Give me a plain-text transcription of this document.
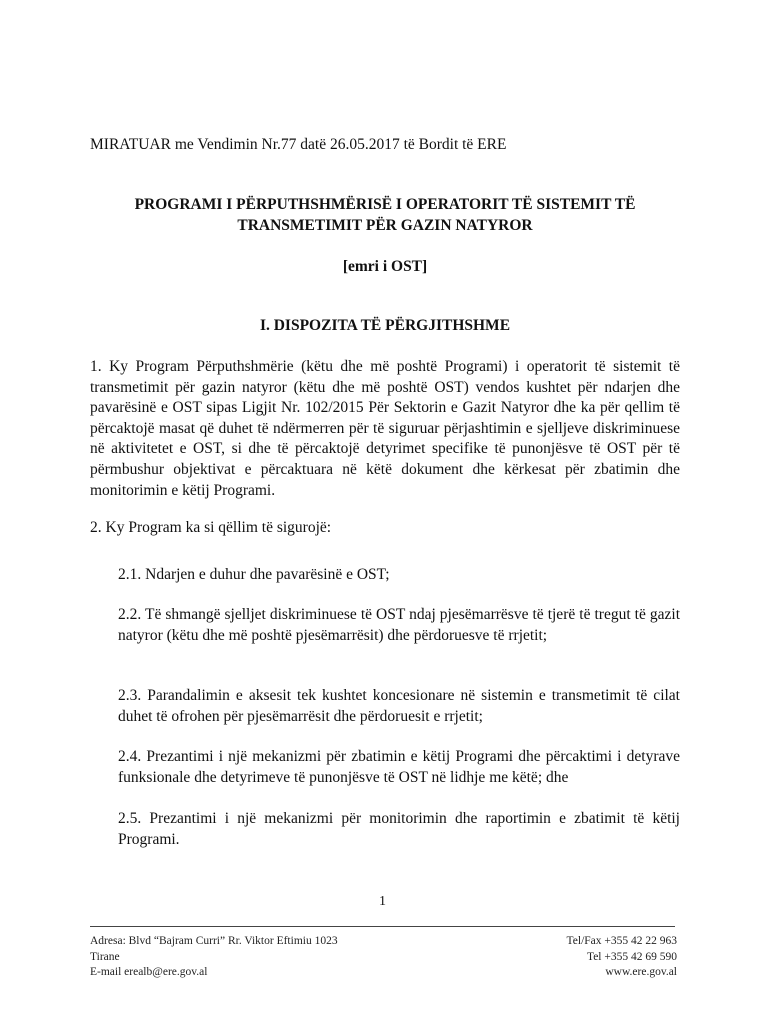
MIRATUAR me Vendimin Nr.77 datë 26.05.2017 të Bordit të ERE
PROGRAMI I PËRPUTHSHMËRISË I OPERATORIT TË SISTEMIT TË TRANSMETIMIT PËR GAZIN NATYROR
[emri i OST]
I. DISPOZITA TË PËRGJITHSHME
1. Ky Program Përputhshmërie (këtu dhe më poshtë Programi) i operatorit të sistemit të transmetimit për gazin natyror (këtu dhe më poshtë OST) vendos kushtet për ndarjen dhe pavarësinë e OST sipas Ligjit Nr. 102/2015 Për Sektorin e Gazit Natyror dhe ka për qellim të përcaktojë masat që duhet të ndërmerren për të siguruar përjashtimin e sjelljeve diskriminuese në aktivitetet e OST, si dhe të përcaktojë detyrimet specifike të punonjësve të OST për të përmbushur objektivat e përcaktuara në këtë dokument dhe kërkesat për zbatimin dhe monitorimin e këtij Programi.
2. Ky Program ka si qëllim të sigurojë:
2.1. Ndarjen e duhur dhe pavarësinë e OST;
2.2. Të shmangë sjelljet diskriminuese të OST ndaj pjesëmarrësve të tjerë të tregut të gazit natyror (këtu dhe më poshtë pjesëmarrësit) dhe përdoruesve të rrjetit;
2.3. Parandalimin e aksesit tek kushtet koncesionare në sistemin e transmetimit të cilat duhet të ofrohen për pjesëmarrësit dhe përdoruesit e rrjetit;
2.4. Prezantimi i një mekanizmi për zbatimin e këtij Programi dhe përcaktimi i detyrave funksionale dhe detyrimeve të punonjësve të OST në lidhje me këtë; dhe
2.5. Prezantimi i një mekanizmi për monitorimin dhe raportimin e zbatimit të këtij Programi.
1
Adresa: Blvd “Bajram Curri” Rr. Viktor Eftimiu 1023
Tirane
E-mail erealb@ere.gov.al
Tel/Fax +355 42 22 963
Tel +355 42 69 590
www.ere.gov.al
